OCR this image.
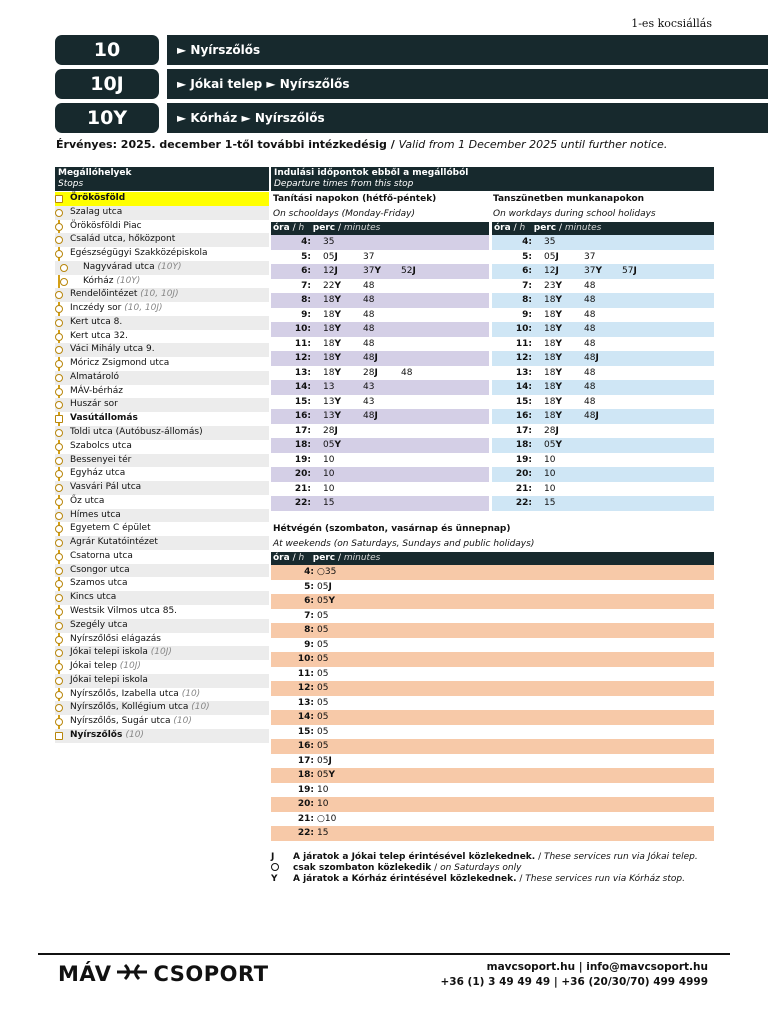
1-es kocsiállás
10	► Nyírszőlős
10J	► Jókai telep ► Nyírszőlős
10Y	► Kórház ► Nyírszőlős
Érvényes: 2025. december 1-től további intézkedésig / Valid from 1 December 2025 until further notice.
Megállóhelyek
Stops
Örökösföld
Szalag utca
Örökösföldi Piac
Család utca, hőközpont
Egészségügyi Szakközépiskola
Nagyvárad utca (10Y)
Kórház (10Y)
Rendelőintézet (10, 10J)
Inczédy sor (10, 10J)
Kert utca 8.
Kert utca 32.
Váci Mihály utca 9.
Móricz Zsigmond utca
Almatároló
MÁV-bérház
Huszár sor
Vasútállomás
Toldi utca (Autóbusz-állomás)
Szabolcs utca
Bessenyei tér
Egyház utca
Vasvári Pál utca
Őz utca
Hímes utca
Egyetem C épület
Agrár Kutatóintézet
Csatorna utca
Csongor utca
Szamos utca
Kincs utca
Westsik Vilmos utca 85.
Szegély utca
Nyírszőlősi elágazás
Jókai telepi iskola (10J)
Jókai telep (10J)
Jókai telepi iskola
Nyírszőlős, Izabella utca (10)
Nyírszőlős, Kollégium utca (10)
Nyírszőlős, Sugár utca (10)
Nyírszőlős (10)
Indulási időpontok ebből a megállóból
Departure times from this stop
Tanítási napokon (hétfő-péntek)
On schooldays (Monday-Friday)
Tanszünetben munkanapokon
On workdays during school holidays
óra / h perc / minutes
4: 35
5: 05J	37
6: 12J	37Y 52J
7: 22Y 48
8: 18Y 48
9: 18Y 48
10: 18Y 48
11: 18Y 48
12: 18Y 48J
13: 18Y 28J	48
14: 13	43
15: 13Y 43
16: 13Y 48J
17: 28J
18: 05Y
19: 10
20: 10
21: 10
22: 15
óra / h perc / minutes
4: 35
5: 05J	37
6: 12J	37Y 57J
7: 23Y 48
8: 18Y 48
9: 18Y 48
10: 18Y 48
11: 18Y 48
12: 18Y 48J
13: 18Y 48
14: 18Y 48
15: 18Y 48
16: 18Y 48J
17: 28J
18: 05Y
19: 10
20: 10
21: 10
22: 15
Hétvégén (szombaton, vasárnap és ünnepnap)
At weekends (on Saturdays, Sundays and public holidays)
óra / h perc / minutes
4: ○35
5: 05J
6: 05Y
7: 05
8: 05
9: 05
10: 05
11: 05
12: 05
13: 05
14: 05
15: 05
16: 05
17: 05J
18: 05Y
19: 10
20: 10
21: ○10
22: 15
J A járatok a Jókai telep érintésével közlekednek. / These services run via Jókai telep.
csak szombaton közlekedik / on Saturdays only
Y A járatok a Kórház érintésével közlekednek. / These services run via Kórház stop.
MÁV CSOPORT	mavcsoport.hu | info@mavcsoport.hu
+36 (1) 3 49 49 49 | +36 (20/30/70) 499 4999
